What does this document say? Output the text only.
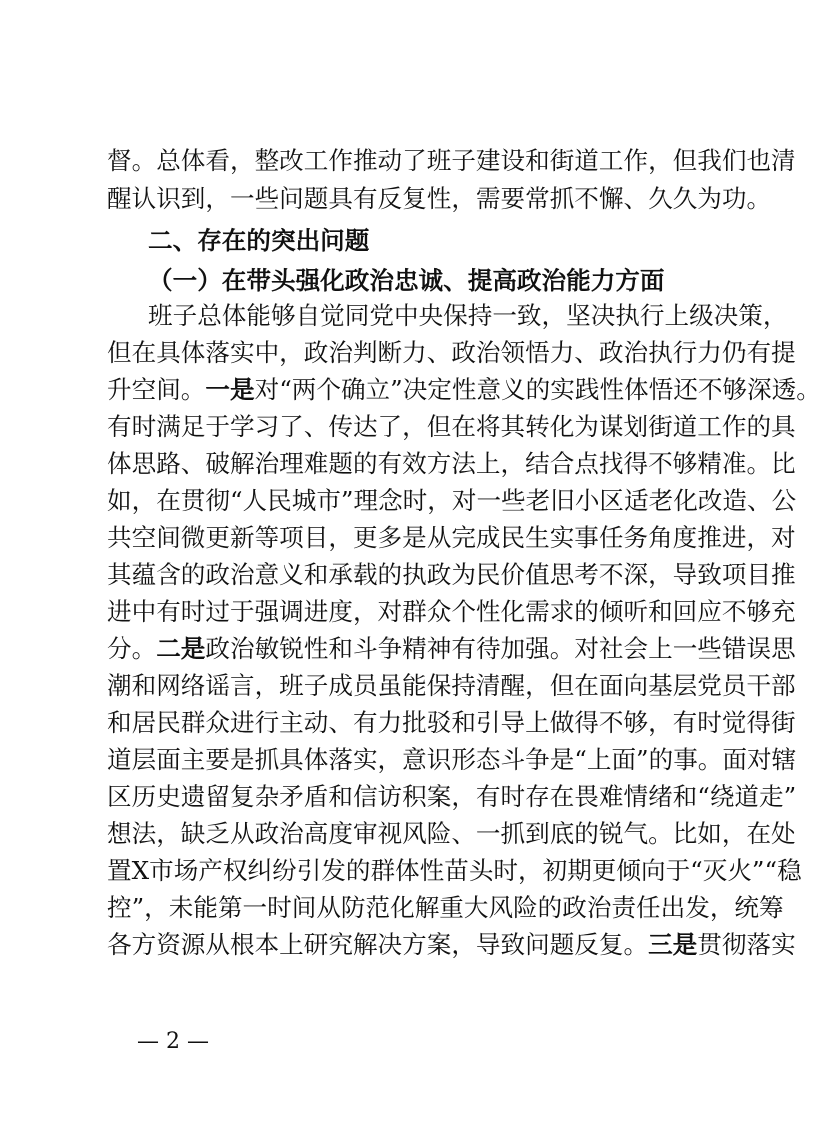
督。总体看，整改工作推动了班子建设和街道工作，但我们也清
醒认识到，一些问题具有反复性，需要常抓不懈、久久为功。
二、存在的突出问题
（一）在带头强化政治忠诚、提高政治能力方面
班子总体能够自觉同党中央保持一致，坚决执行上级决策，
但在具体落实中，政治判断力、政治领悟力、政治执行力仍有提
升空间。一是对“两个确立”决定性意义的实践性体悟还不够深透。
有时满足于学习了、传达了，但在将其转化为谋划街道工作的具
体思路、破解治理难题的有效方法上，结合点找得不够精准。比
如，在贯彻“人民城市”理念时，对一些老旧小区适老化改造、公
共空间微更新等项目，更多是从完成民生实事任务角度推进，对
其蕴含的政治意义和承载的执政为民价值思考不深，导致项目推
进中有时过于强调进度，对群众个性化需求的倾听和回应不够充
分。二是政治敏锐性和斗争精神有待加强。对社会上一些错误思
潮和网络谣言，班子成员虽能保持清醒，但在面向基层党员干部
和居民群众进行主动、有力批驳和引导上做得不够，有时觉得街
道层面主要是抓具体落实，意识形态斗争是“上面”的事。面对辖
区历史遗留复杂矛盾和信访积案，有时存在畏难情绪和“绕道走”
想法，缺乏从政治高度审视风险、一抓到底的锐气。比如，在处
置X市场产权纠纷引发的群体性苗头时，初期更倾向于“灭火”“稳
控”，未能第一时间从防范化解重大风险的政治责任出发，统筹
各方资源从根本上研究解决方案，导致问题反复。三是贯彻落实
— 2 —
